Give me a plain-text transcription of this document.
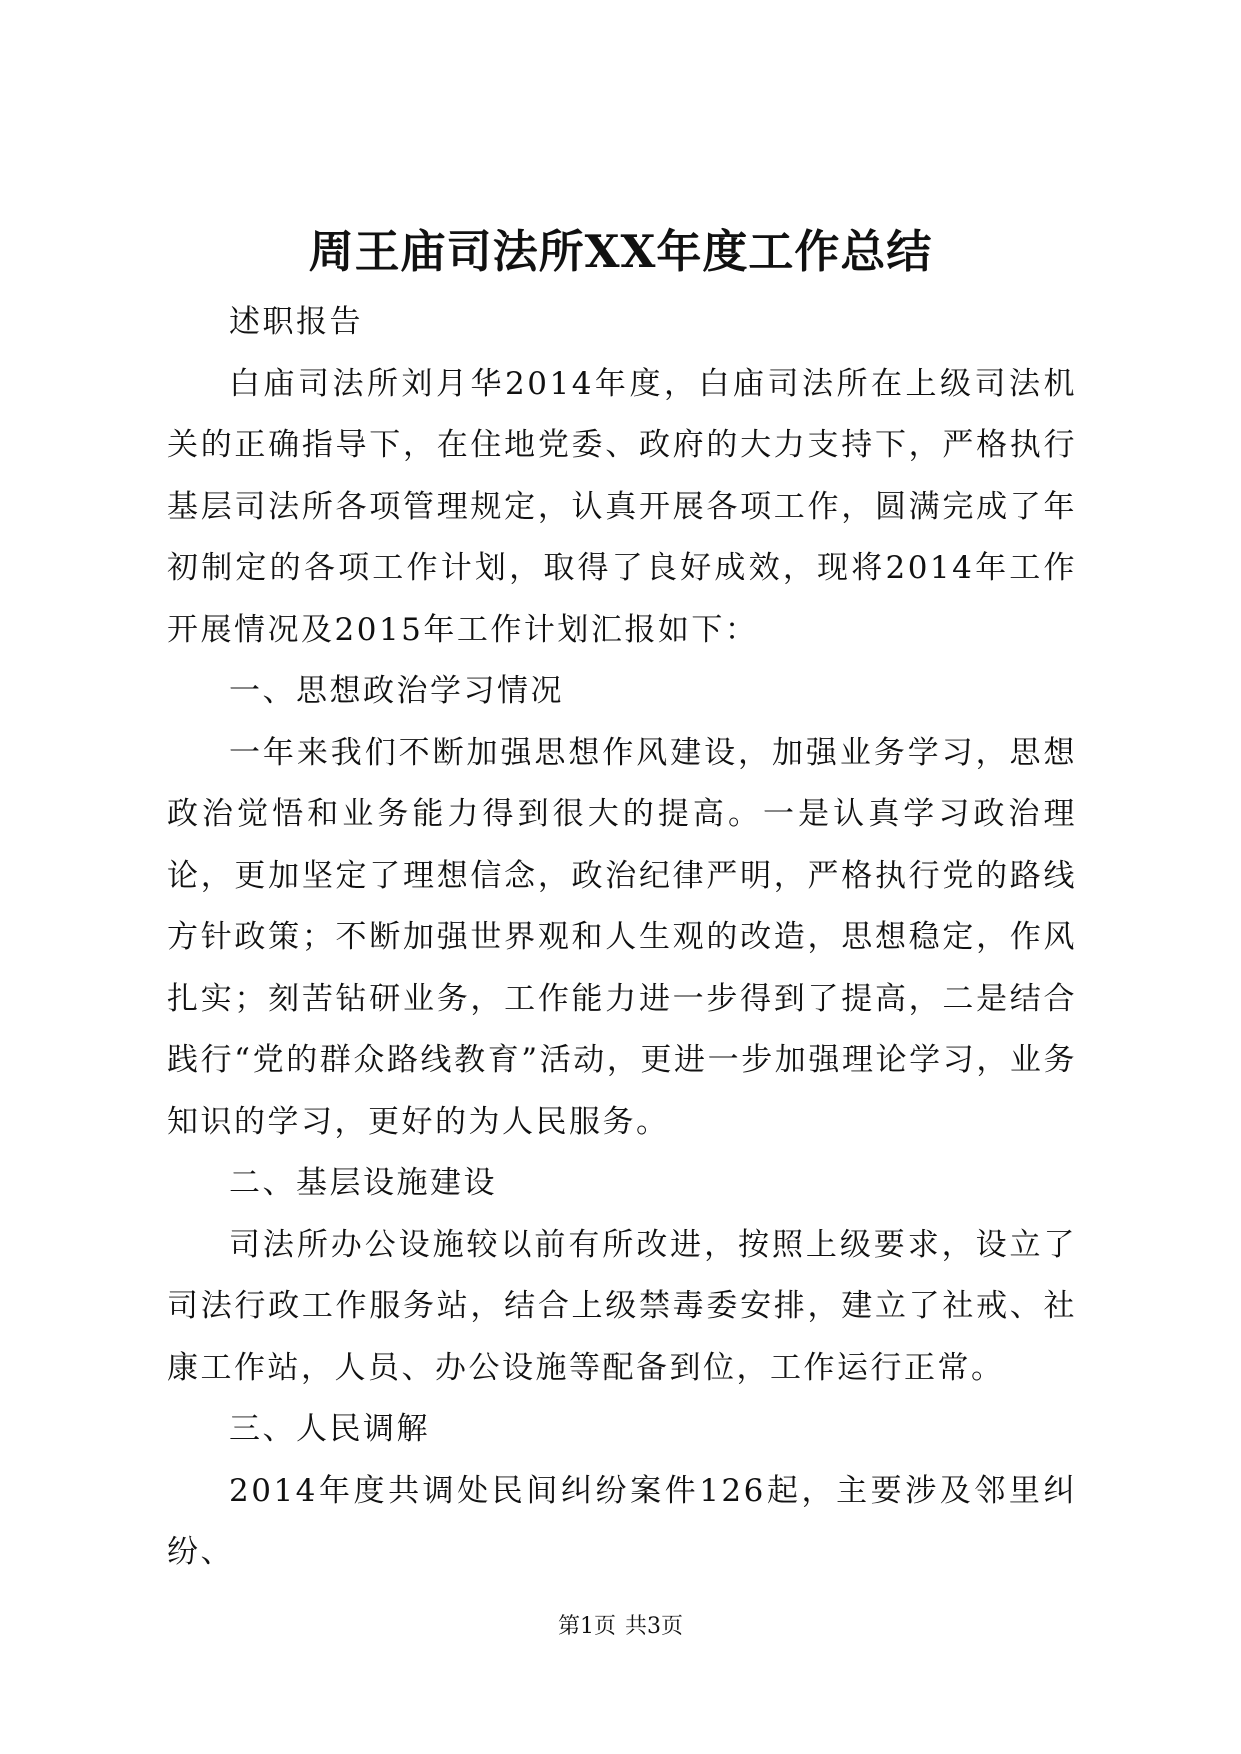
周王庙司法所XX年度工作总结

述职报告

白庙司法所刘月华2014年度，白庙司法所在上级司法机关的正确指导下，在住地党委、政府的大力支持下，严格执行基层司法所各项管理规定，认真开展各项工作，圆满完成了年初制定的各项工作计划，取得了良好成效，现将2014年工作开展情况及2015年工作计划汇报如下：

一、思想政治学习情况

一年来我们不断加强思想作风建设，加强业务学习，思想政治觉悟和业务能力得到很大的提高。一是认真学习政治理论，更加坚定了理想信念，政治纪律严明，严格执行党的路线方针政策；不断加强世界观和人生观的改造，思想稳定，作风扎实；刻苦钻研业务，工作能力进一步得到了提高，二是结合践行“党的群众路线教育”活动，更进一步加强理论学习，业务知识的学习，更好的为人民服务。

二、基层设施建设

司法所办公设施较以前有所改进，按照上级要求，设立了司法行政工作服务站，结合上级禁毒委安排，建立了社戒、社康工作站，人员、办公设施等配备到位，工作运行正常。

三、人民调解

2014年度共调处民间纠纷案件126起，主要涉及邻里纠纷、

第1页 共3页
